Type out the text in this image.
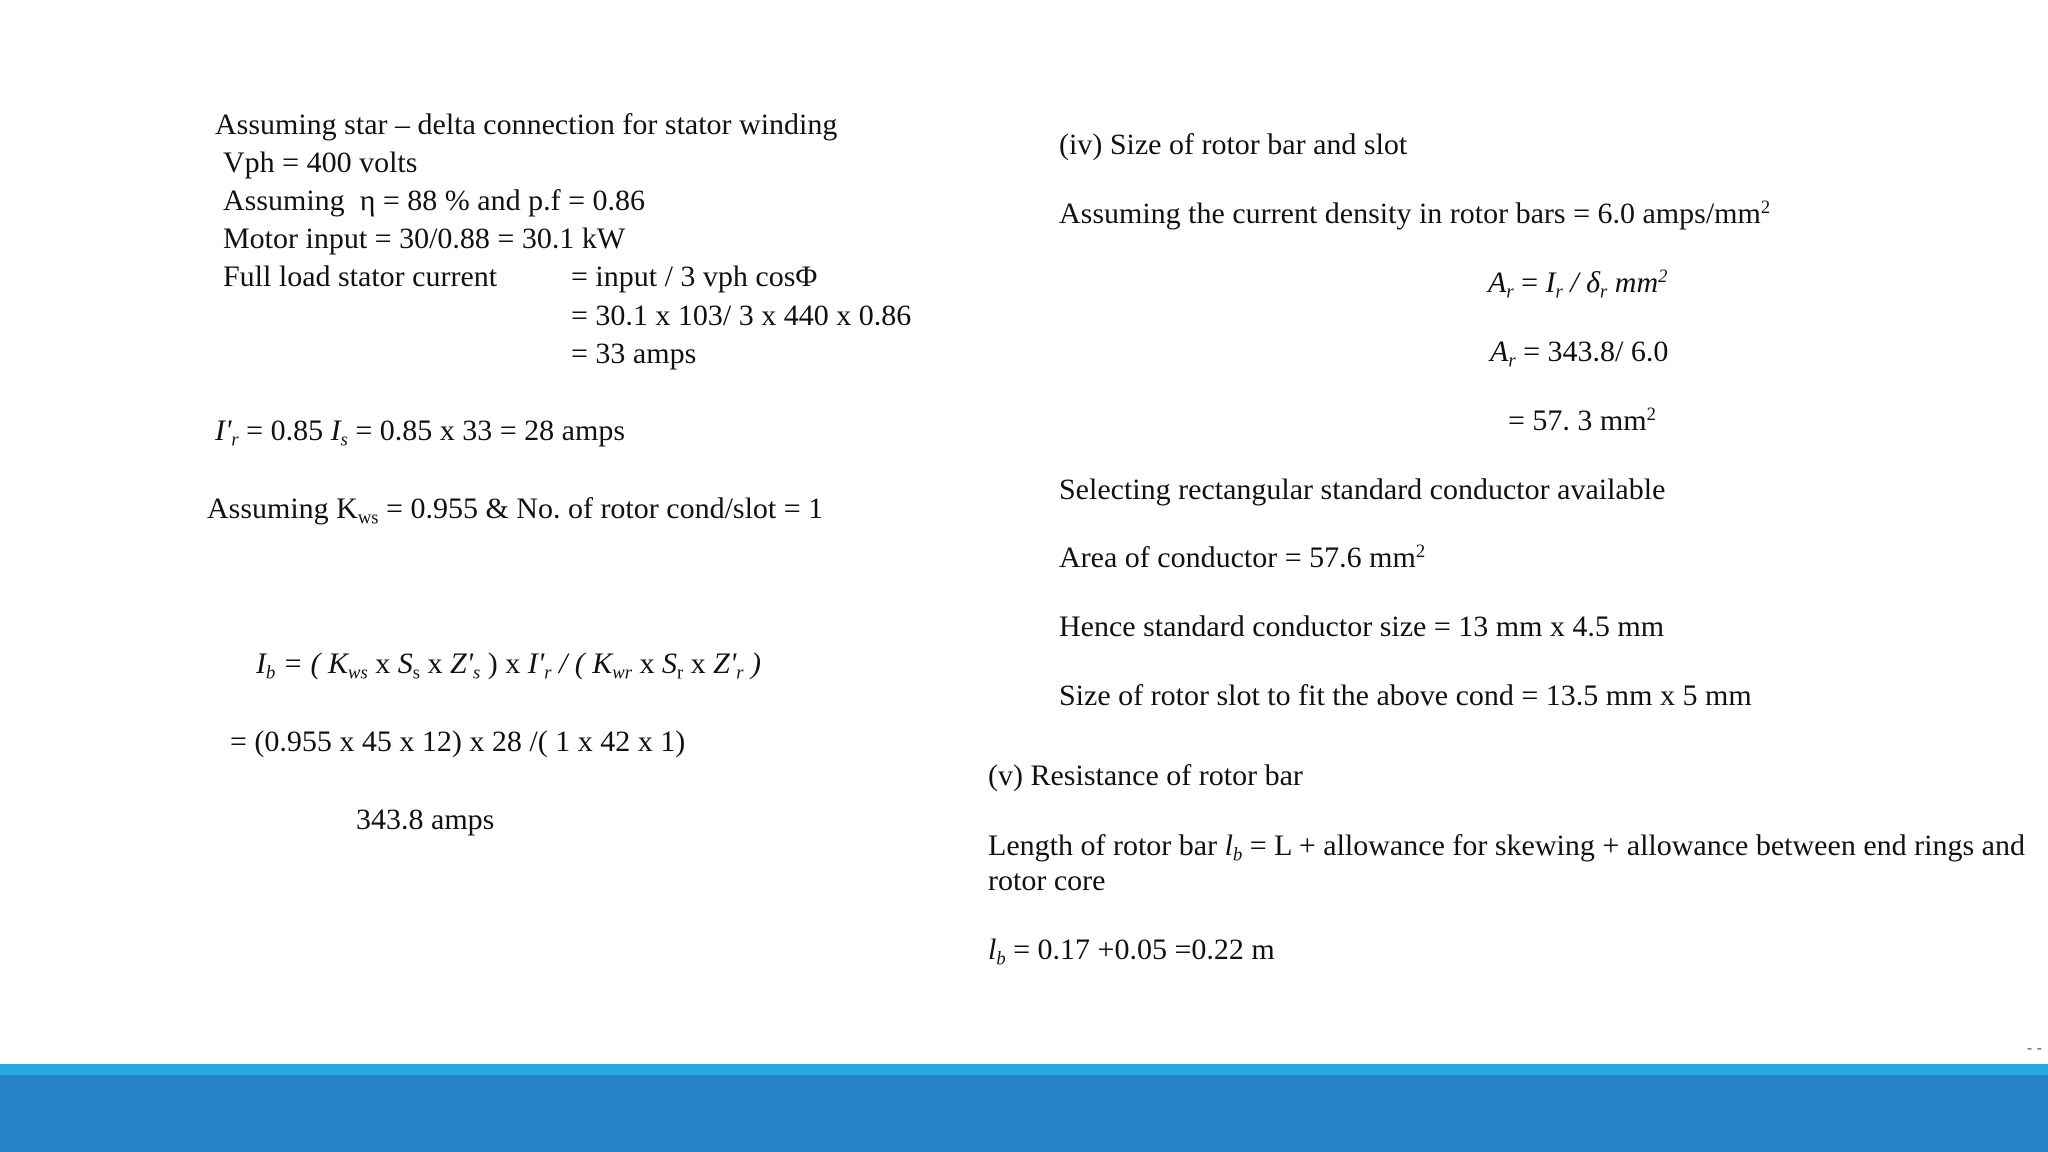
Assuming star – delta connection for stator winding
Vph = 400 volts
Assuming η = 88 % and p.f = 0.86
Motor input = 30/0.88 = 30.1 kW
Full load stator current = input / 3 vph cosΦ
= 30.1 x 103/ 3 x 440 x 0.86
= 33 amps
$I'_r = 0.85$ $I_s = 0.85$ x 33 = 28 amps
Assuming $K_{ws} = 0.955$ & No. of rotor cond/slot = 1
$I_b$ = ( $K_{ws}$ x $S_s$ x $Z'_s$ ) x $I'_r$ / ( $K_{wr}$ x $S_r$ x $Z'_r$ )
= (0.955 x 45 x 12) x 28 /( 1 x 42 x 1)
343.8 amps
(iv) Size of rotor bar and slot
Assuming the current density in rotor bars = 6.0 amps/$mm^2$
$A_r = I_r / \delta_r$ $mm^2$
$A_r = 343.8/$ 6.0
= 57. 3 $mm^2$
Selecting rectangular standard conductor available
Area of conductor = 57.6 $mm^2$
Hence standard conductor size = 13 mm x 4.5 mm
Size of rotor slot to fit the above cond = 13.5 mm x 5 mm
(v) Resistance of rotor bar
Length of rotor bar $l_b = L$ + allowance for skewing + allowance between end rings and rotor core
$l_b = 0.17 +0.05 =0.22$ m
- -
